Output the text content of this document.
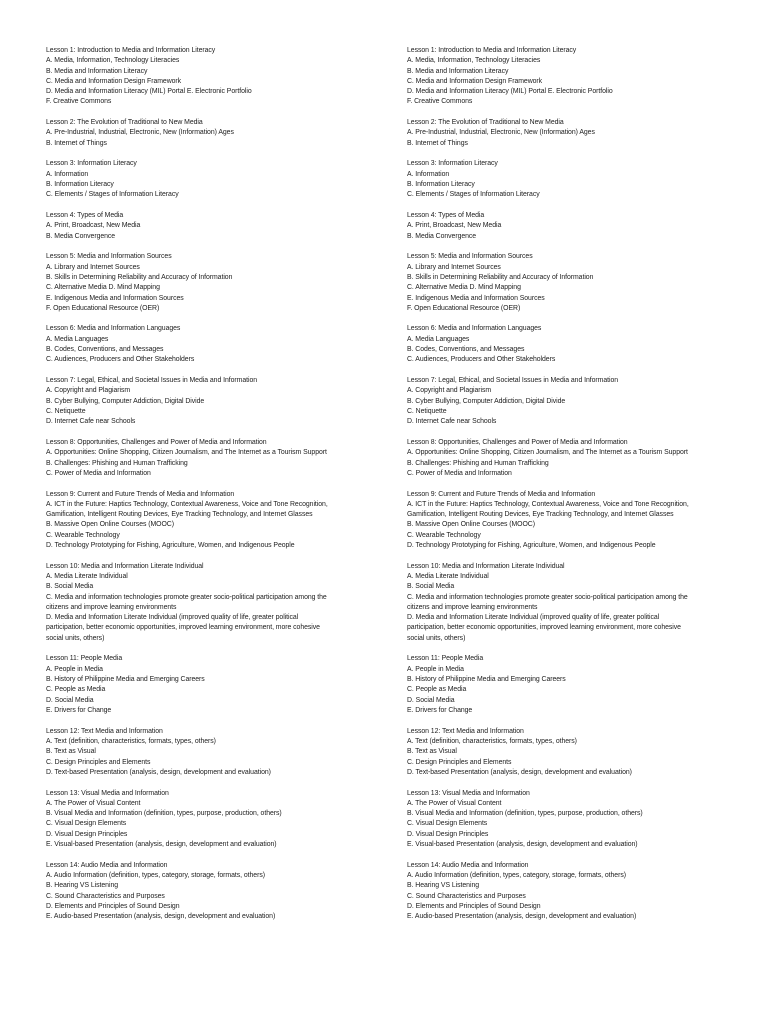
Lesson 1: Introduction to Media and Information Literacy
A. Media, Information, Technology Literacies
B. Media and Information Literacy
C. Media and Information Design Framework
D. Media and Information Literacy (MIL) Portal E. Electronic Portfolio
F. Creative Commons
Lesson 2: The Evolution of Traditional to New Media
A. Pre-Industrial, Industrial, Electronic, New (Information) Ages
B. Internet of Things
Lesson 3: Information Literacy
A. Information
B. Information Literacy
C. Elements / Stages of Information Literacy
Lesson 4: Types of Media
A. Print, Broadcast, New Media
B. Media Convergence
Lesson 5: Media and Information Sources
A. Library and Internet Sources
B. Skills in Determining Reliability and Accuracy of Information
C. Alternative Media D. Mind Mapping
E. Indigenous Media and Information Sources
F. Open Educational Resource (OER)
Lesson 6: Media and Information Languages
A. Media Languages
B. Codes, Conventions, and Messages
C. Audiences, Producers and Other Stakeholders
Lesson 7: Legal, Ethical, and Societal Issues in Media and Information
A. Copyright and Plagiarism
B. Cyber Bullying, Computer Addiction, Digital Divide
C. Netiquette
D. Internet Cafe near Schools
Lesson 8: Opportunities, Challenges and Power of Media and Information
A. Opportunities: Online Shopping, Citizen Journalism, and The Internet as a Tourism Support
B. Challenges: Phishing and Human Trafficking
C. Power of Media and Information
Lesson 9: Current and Future Trends of Media and Information
A. ICT in the Future: Haptics Technology, Contextual Awareness, Voice and Tone Recognition,
Gamification, Intelligent Routing Devices, Eye Tracking Technology, and Internet Glasses
B. Massive Open Online Courses (MOOC)
C. Wearable Technology
D. Technology Prototyping for Fishing, Agriculture, Women, and Indigenous People
Lesson 10: Media and Information Literate Individual
A. Media Literate Individual
B. Social Media
C. Media and information technologies promote greater socio-political participation among the
citizens and improve learning environments
D. Media and Information Literate Individual (improved quality of life, greater political
participation, better economic opportunities, improved learning environment, more cohesive
social units, others)
Lesson 11: People Media
A. People in Media
B. History of Philippine Media and Emerging Careers
C. People as Media
D. Social Media
E. Drivers for Change
Lesson 12: Text Media and Information
A. Text (definition, characteristics, formats, types, others)
B. Text as Visual
C. Design Principles and Elements
D. Text-based Presentation (analysis, design, development and evaluation)
Lesson 13: Visual Media and Information
A. The Power of Visual Content
B. Visual Media and Information (definition, types, purpose, production, others)
C. Visual Design Elements
D. Visual Design Principles
E. Visual-based Presentation (analysis, design, development and evaluation)
Lesson 14: Audio Media and Information
A. Audio Information (definition, types, category, storage, formats, others)
B. Hearing VS Listening
C. Sound Characteristics and Purposes
D. Elements and Principles of Sound Design
E. Audio-based Presentation (analysis, design, development and evaluation)
Lesson 1: Introduction to Media and Information Literacy
A. Media, Information, Technology Literacies
B. Media and Information Literacy
C. Media and Information Design Framework
D. Media and Information Literacy (MIL) Portal E. Electronic Portfolio
F. Creative Commons
Lesson 2: The Evolution of Traditional to New Media
A. Pre-Industrial, Industrial, Electronic, New (Information) Ages
B. Internet of Things
Lesson 3: Information Literacy
A. Information
B. Information Literacy
C. Elements / Stages of Information Literacy
Lesson 4: Types of Media
A. Print, Broadcast, New Media
B. Media Convergence
Lesson 5: Media and Information Sources
A. Library and Internet Sources
B. Skills in Determining Reliability and Accuracy of Information
C. Alternative Media D. Mind Mapping
E. Indigenous Media and Information Sources
F. Open Educational Resource (OER)
Lesson 6: Media and Information Languages
A. Media Languages
B. Codes, Conventions, and Messages
C. Audiences, Producers and Other Stakeholders
Lesson 7: Legal, Ethical, and Societal Issues in Media and Information
A. Copyright and Plagiarism
B. Cyber Bullying, Computer Addiction, Digital Divide
C. Netiquette
D. Internet Cafe near Schools
Lesson 8: Opportunities, Challenges and Power of Media and Information
A. Opportunities: Online Shopping, Citizen Journalism, and The Internet as a Tourism Support
B. Challenges: Phishing and Human Trafficking
C. Power of Media and Information
Lesson 9: Current and Future Trends of Media and Information
A. ICT in the Future: Haptics Technology, Contextual Awareness, Voice and Tone Recognition,
Gamification, Intelligent Routing Devices, Eye Tracking Technology, and Internet Glasses
B. Massive Open Online Courses (MOOC)
C. Wearable Technology
D. Technology Prototyping for Fishing, Agriculture, Women, and Indigenous People
Lesson 10: Media and Information Literate Individual
A. Media Literate Individual
B. Social Media
C. Media and information technologies promote greater socio-political participation among the
citizens and improve learning environments
D. Media and Information Literate Individual (improved quality of life, greater political
participation, better economic opportunities, improved learning environment, more cohesive
social units, others)
Lesson 11: People Media
A. People in Media
B. History of Philippine Media and Emerging Careers
C. People as Media
D. Social Media
E. Drivers for Change
Lesson 12: Text Media and Information
A. Text (definition, characteristics, formats, types, others)
B. Text as Visual
C. Design Principles and Elements
D. Text-based Presentation (analysis, design, development and evaluation)
Lesson 13: Visual Media and Information
A. The Power of Visual Content
B. Visual Media and Information (definition, types, purpose, production, others)
C. Visual Design Elements
D. Visual Design Principles
E. Visual-based Presentation (analysis, design, development and evaluation)
Lesson 14: Audio Media and Information
A. Audio Information (definition, types, category, storage, formats, others)
B. Hearing VS Listening
C. Sound Characteristics and Purposes
D. Elements and Principles of Sound Design
E. Audio-based Presentation (analysis, design, development and evaluation)
